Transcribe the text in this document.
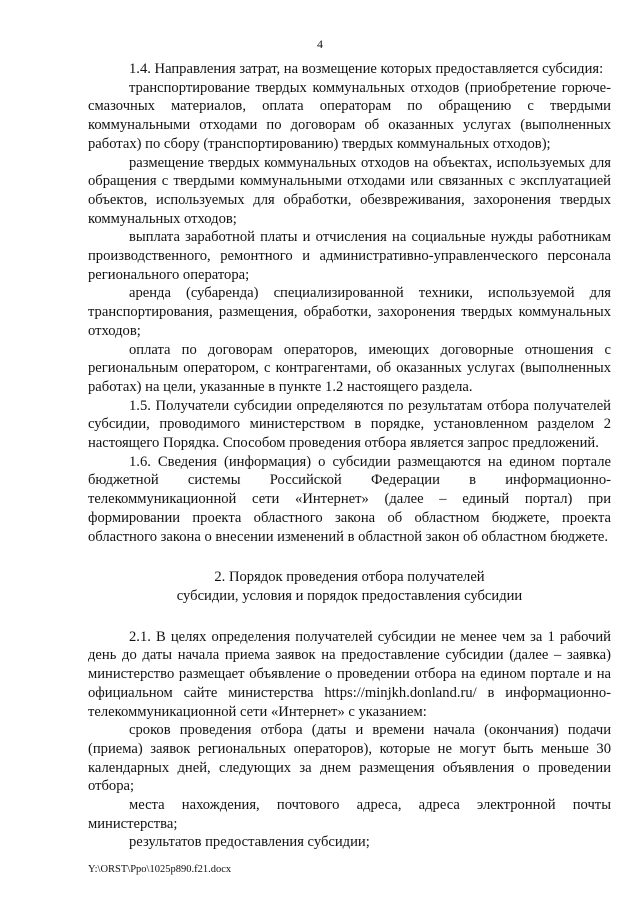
4

1.4. Направления затрат, на возмещение которых предоставляется субсидия:

транспортирование твердых коммунальных отходов (приобретение горюче-смазочных материалов, оплата операторам по обращению с твердыми коммунальными отходами по договорам об оказанных услугах (выполненных работах) по сбору (транспортированию) твердых коммунальных отходов);

размещение твердых коммунальных отходов на объектах, используемых для обращения с твердыми коммунальными отходами или связанных с эксплуатацией объектов, используемых для обработки, обезвреживания, захоронения твердых коммунальных отходов;

выплата заработной платы и отчисления на социальные нужды работникам производственного, ремонтного и административно-управленческого персонала регионального оператора;

аренда (субаренда) специализированной техники, используемой для транспортирования, размещения, обработки, захоронения твердых коммунальных отходов;

оплата по договорам операторов, имеющих договорные отношения с региональным оператором, с контрагентами, об оказанных услугах (выполненных работах) на цели, указанные в пункте 1.2 настоящего раздела.

1.5. Получатели субсидии определяются по результатам отбора получателей субсидии, проводимого министерством в порядке, установленном разделом 2 настоящего Порядка. Способом проведения отбора является запрос предложений.

1.6. Сведения (информация) о субсидии размещаются на едином портале бюджетной системы Российской Федерации в информационно-телекоммуникационной сети «Интернет» (далее – единый портал) при формировании проекта областного закона об областном бюджете, проекта областного закона о внесении изменений в областной закон об областном бюджете.

2. Порядок проведения отбора получателей
субсидии, условия и порядок предоставления субсидии

2.1. В целях определения получателей субсидии не менее чем за 1 рабочий день до даты начала приема заявок на предоставление субсидии (далее – заявка) министерство размещает объявление о проведении отбора на едином портале и на официальном сайте министерства https://minjkh.donland.ru/ в информационно-телекоммуникационной сети «Интернет» с указанием:

сроков проведения отбора (даты и времени начала (окончания) подачи (приема) заявок региональных операторов), которые не могут быть меньше 30 календарных дней, следующих за днем размещения объявления о проведении отбора;

места нахождения, почтового адреса, адреса электронной почты министерства;

результатов предоставления субсидии;

Y:\ORST\Ppo\1025p890.f21.docx
